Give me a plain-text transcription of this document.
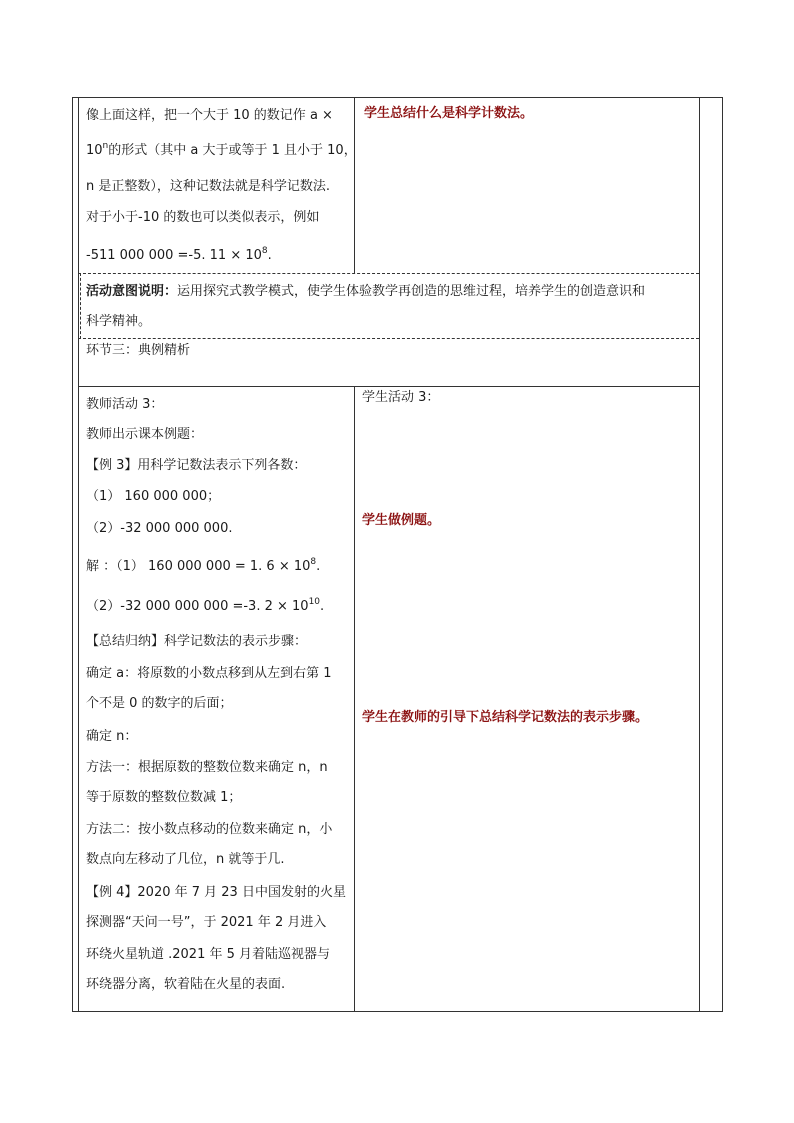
像上面这样，把一个大于 10 的数记作 a ×
$10^n$的形式（其中 a 大于或等于 1 且小于 10，
n 是正整数），这种记数法就是科学记数法.
对于小于-10 的数也可以类似表示，例如
-511 000 000 =-5. $11 \times 10^8$.
学生总结什么是科学计数法。
活动意图说明：运用探究式教学模式，使学生体验教学再创造的思维过程，培养学生的创造意识和
科学精神。
环节三：典例精析
教师活动 3：
教师出示课本例题：
【例 3】用科学记数法表示下列各数：
（1） 160 000 000；
（2）-32 000 000 000.
解 ：（1） 160 000 000 = 1. $6 \times 10^8$.
（2）-32 000 000 000 =-3. $2 \times 10^{10}$.
【总结归纳】科学记数法的表示步骤：
确定 a：将原数的小数点移到从左到右第 1
个不是 0 的数字的后面；
确定 n：
方法一：根据原数的整数位数来确定 n，n
等于原数的整数位数减 1；
方法二：按小数点移动的位数来确定 n，小
数点向左移动了几位，n 就等于几.
【例 4】2020 年 7 月 23 日中国发射的火星
探测器“天问一号”，于 2021 年 2 月进入
环绕火星轨道 .2021 年 5 月着陆巡视器与
环绕器分离，软着陆在火星的表面.
学生活动 3：
学生做例题。
学生在教师的引导下总结科学记数法的表示步骤。
